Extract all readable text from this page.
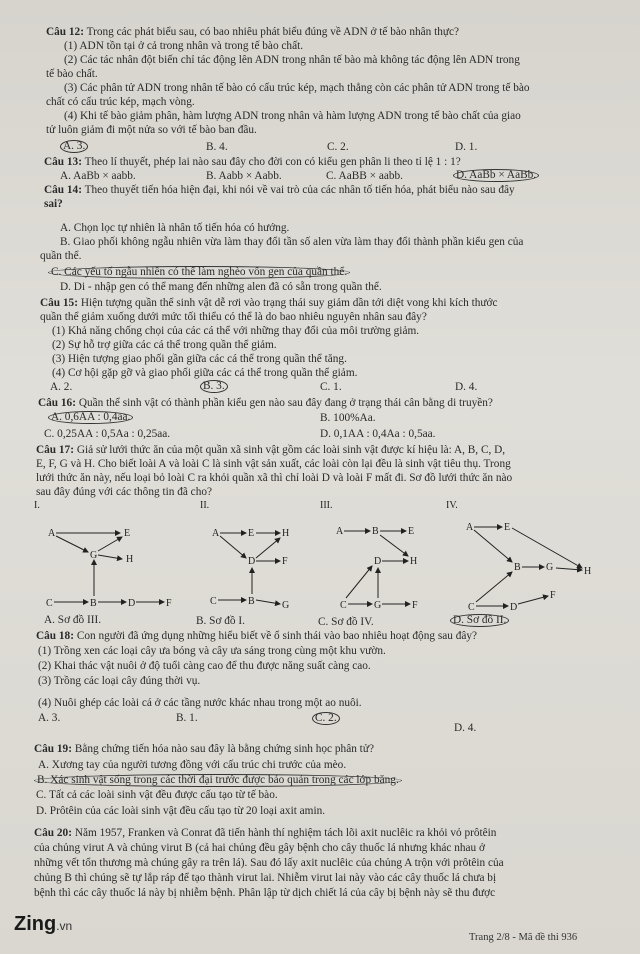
Câu 12: Trong các phát biểu sau, có bao nhiêu phát biểu đúng về ADN ở tế bào nhân thực?
(1) ADN tồn tại ở cả trong nhân và trong tế bào chất.
(2) Các tác nhân đột biến chỉ tác động lên ADN trong nhân tế bào mà không tác động lên ADN trong
tế bào chất.
(3) Các phân tử ADN trong nhân tế bào có cấu trúc kép, mạch thẳng còn các phân tử ADN trong tế bào
chất có cấu trúc kép, mạch vòng.
(4) Khi tế bào giảm phân, hàm lượng ADN trong nhân và hàm lượng ADN trong tế bào chất của giao
tử luôn giảm đi một nửa so với tế bào ban đầu.
A. 3.	B. 4.	C. 2.	D. 1.
Câu 13: Theo lí thuyết, phép lai nào sau đây cho đời con có kiểu gen phân li theo tỉ lệ 1 : 1?
A. AaBb × aabb.	B. Aabb × Aabb.	C. AaBB × aabb.	D. AaBb × AaBb.
Câu 14: Theo thuyết tiến hóa hiện đại, khi nói về vai trò của các nhân tố tiến hóa, phát biểu nào sau đây
sai?
A. Chọn lọc tự nhiên là nhân tố tiến hóa có hướng.
B. Giao phối không ngẫu nhiên vừa làm thay đổi tần số alen vừa làm thay đổi thành phần kiểu gen của
quần thể.
C. Các yếu tố ngẫu nhiên có thể làm nghèo vốn gen của quần thể.
D. Di - nhập gen có thể mang đến những alen đã có sẵn trong quần thể.
Câu 15: Hiện tượng quần thể sinh vật dễ rơi vào trạng thái suy giảm dần tới diệt vong khi kích thước
quần thể giảm xuống dưới mức tối thiểu có thể là do bao nhiêu nguyên nhân sau đây?
(1) Khả năng chống chọi của các cá thể với những thay đổi của môi trường giảm.
(2) Sự hỗ trợ giữa các cá thể trong quần thể giảm.
(3) Hiện tượng giao phối gần giữa các cá thể trong quần thể tăng.
(4) Cơ hội gặp gỡ và giao phối giữa các cá thể trong quần thể giảm.
A. 2.	B. 3.	C. 1.	D. 4.
Câu 16: Quần thể sinh vật có thành phần kiểu gen nào sau đây đang ở trạng thái cân bằng di truyền?
A. 0,6AA : 0,4aa.	B. 100%Aa.
C. 0,25AA : 0,5Aa : 0,25aa.	D. 0,1AA : 0,4Aa : 0,5aa.
Câu 17: Giả sử lưới thức ăn của một quần xã sinh vật gồm các loài sinh vật được kí hiệu là: A, B, C, D,
E, F, G và H. Cho biết loài A và loài C là sinh vật sản xuất, các loài còn lại đều là sinh vật tiêu thụ. Trong
lưới thức ăn này, nếu loại bỏ loài C ra khỏi quần xã thì chỉ loài D và loài F mất đi. Sơ đồ lưới thức ăn nào
sau đây đúng với các thông tin đã cho?
I.
A	E
G	H
C	B	D	F
II.
A	E	H
D	F
C	B	G
III.
A	B	E
D	H
C	G	F
IV.
A	E
B	G	H
C	D
F
A. Sơ đồ III.	B. Sơ đồ I.	C. Sơ đồ IV.	D. Sơ đồ II.
Câu 18: Con người đã ứng dụng những hiểu biết về ổ sinh thái vào bao nhiêu hoạt động sau đây?
(1) Trồng xen các loại cây ưa bóng và cây ưa sáng trong cùng một khu vườn.
(2) Khai thác vật nuôi ở độ tuổi càng cao để thu được năng suất càng cao.
(3) Trồng các loại cây đúng thời vụ.
(4) Nuôi ghép các loài cá ở các tầng nước khác nhau trong một ao nuôi.
A. 3.	B. 1.	C. 2.
D. 4.
Câu 19: Bằng chứng tiến hóa nào sau đây là bằng chứng sinh học phân tử?
A. Xương tay của người tương đồng với cấu trúc chi trước của mèo.
B. Xác sinh vật sống trong các thời đại trước được bảo quản trong các lớp băng.
C. Tất cả các loài sinh vật đều được cấu tạo từ tế bào.
D. Prôtêin của các loài sinh vật đều cấu tạo từ 20 loại axit amin.
Câu 20: Năm 1957, Franken và Conrat đã tiến hành thí nghiệm tách lõi axit nuclêic ra khỏi vỏ prôtêin
của chủng virut A và chủng virut B (cả hai chủng đều gây bệnh cho cây thuốc lá nhưng khác nhau ở
những vết tổn thương mà chúng gây ra trên lá). Sau đó lấy axit nuclêic của chủng A trộn với prôtêin của
chủng B thì chúng sẽ tự lắp ráp để tạo thành virut lai. Nhiễm virut lai này vào các cây thuốc lá chưa bị
bệnh thì các cây thuốc lá này bị nhiễm bệnh. Phân lập từ dịch chiết lá của cây bị bệnh này sẽ thu được
Zing.vn
Trang 2/8 - Mã đề thi 936
